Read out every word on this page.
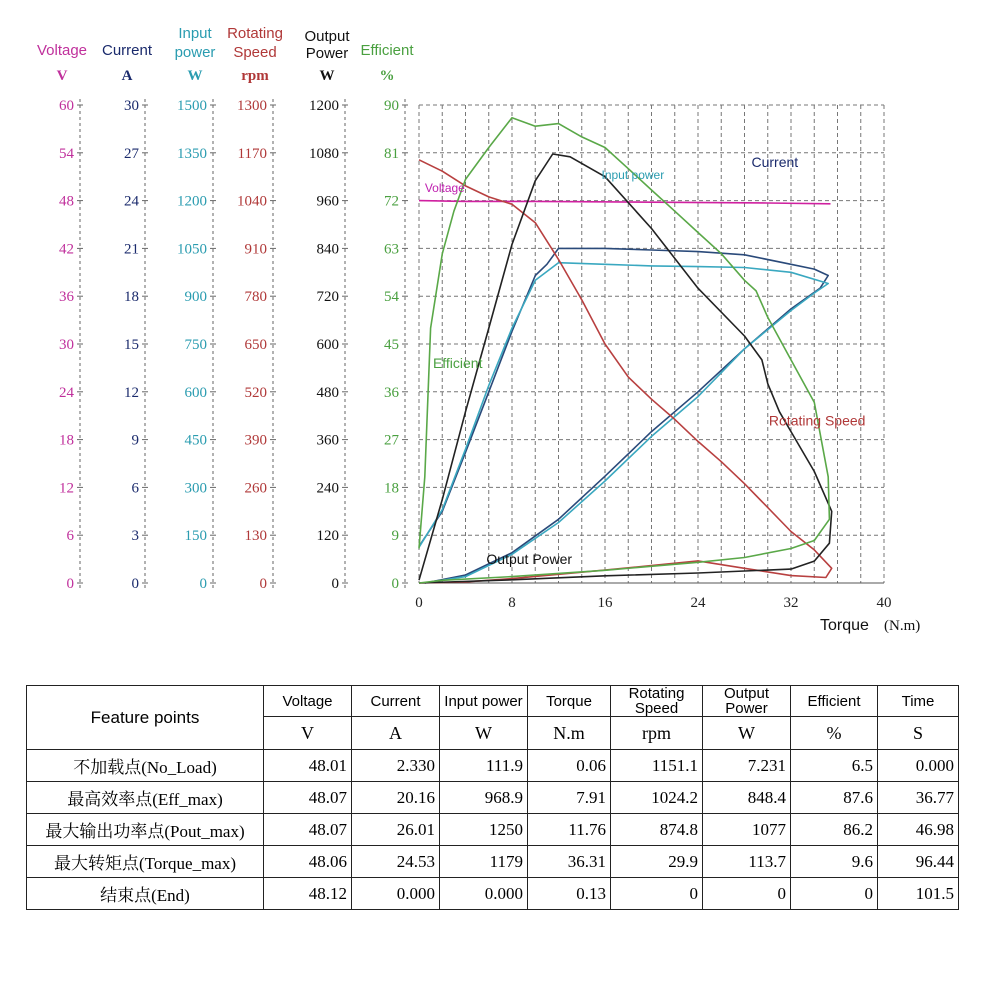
0	8	16	24	32	40
Torque (N.m)
Voltage
V
0
6
12
18
24
30
36
42
48
54
60
Current
A
0
3
6
9
12
15
18
21
24
27
30
Input
power
W
0
150
300
450
600
750
900
1050
1200
1350
1500
Rotating
Speed
rpm
0
130
260
390
520
650
780
910
1040
1170
1300
Output
Power
W
0
120
240
360
480
600
720
840
960
1080
1200
Efficient
%
0
9
18
27
36
45
54
63
72
81
90
Current
Input power
Voltage
Efficient
Rotating Speed
Output Power
Feature points	Voltage	Current	Input power	Torque	Rotating Speed	Output Power	Efficient	Time
	V	A	W	N.m	rpm	W	%	S
不加载点(No_Load)	48.01	2.330	111.9	0.06	1151.1	7.231	6.5	0.000
最高效率点(Eff_max)	48.07	20.16	968.9	7.91	1024.2	848.4	87.6	36.77
最大输出功率点(Pout_max)	48.07	26.01	1250	11.76	874.8	1077	86.2	46.98
最大转矩点(Torque_max)	48.06	24.53	1179	36.31	29.9	113.7	9.6	96.44
结束点(End)	48.12	0.000	0.000	0.13	0	0	0	101.5
